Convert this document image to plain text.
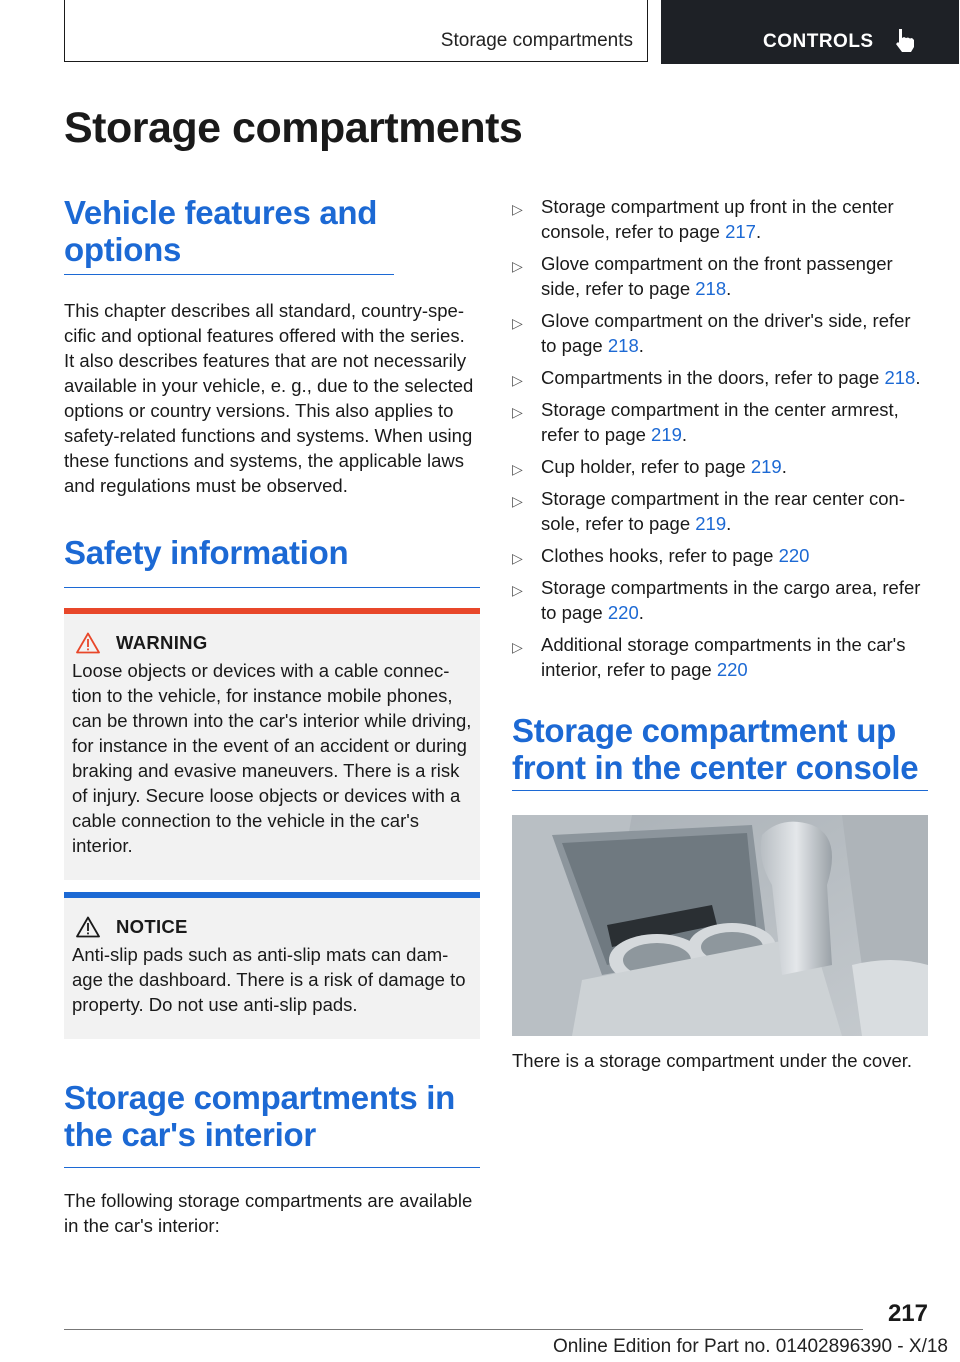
Storage compartments	CONTROLS
Storage compartments
Vehicle features and options

This chapter describes all standard, country-specific and optional features offered with the series. It also describes features that are not necessarily available in your vehicle, e. g., due to the selected options or country versions. This also applies to safety-related functions and systems. When using these functions and systems, the applicable laws and regulations must be observed.

Safety information
WARNING

Loose objects or devices with a cable connection to the vehicle, for instance mobile phones, can be thrown into the car's interior while driving, for instance in the event of an accident or during braking and evasive maneuvers. There is a risk of injury. Secure loose objects or devices with a cable connection to the vehicle in the car's interior.

NOTICE

Anti-slip pads such as anti-slip mats can damage the dashboard. There is a risk of damage to property. Do not use anti-slip pads.

Storage compartments in the car's interior

The following storage compartments are available in the car's interior:

▷ Storage compartment up front in the center console, refer to page 217.
▷ Glove compartment on the front passenger side, refer to page 218.
▷ Glove compartment on the driver's side, refer to page 218.
▷ Compartments in the doors, refer to page 218.
▷ Storage compartment in the center armrest, refer to page 219.
▷ Cup holder, refer to page 219.
▷ Storage compartment in the rear center console, refer to page 219.
▷ Clothes hooks, refer to page 220
▷ Storage compartments in the cargo area, refer to page 220.
▷ Additional storage compartments in the car's interior, refer to page 220
Storage compartment up front in the center console

There is a storage compartment under the cover.

217
Online Edition for Part no. 01402896390 - X/18
